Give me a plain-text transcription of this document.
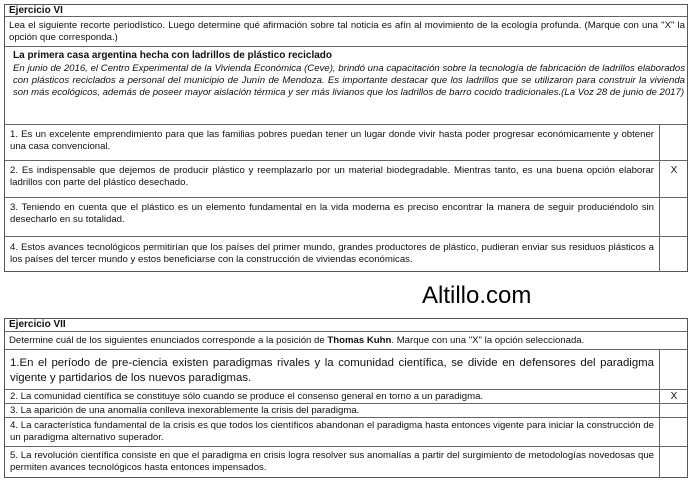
Ejercicio VI
Lea el siguiente recorte periodístico. Luego determine qué afirmación sobre tal noticia es afín al movimiento de la ecología profunda. (Marque con una "X" la opción que corresponda.)
La primera casa argentina hecha con ladrillos de plástico reciclado
En junio de 2016, el Centro Experimental de la Vivienda Económica (Ceve), brindó una capacitación sobre la tecnología de fabricación de ladrillos elaborados con plásticos reciclados a personal del municipio de Junín de Mendoza. Es importante destacar que los ladrillos que se utilizaron para construir la vivienda son más ecológicos, además de poseer mayor aislación térmica y ser más livianos que los ladrillos de barro cocido tradicionales.(La Voz 28 de junio de 2017)
1. Es un excelente emprendimiento para que las familias pobres puedan tener un lugar donde vivir hasta poder progresar económicamente y obtener una casa convencional.
2. Es indispensable que dejemos de producir plástico y reemplazarlo por un material biodegradable. Mientras tanto, es una buena opción elaborar ladrillos con parte del plástico desechado.
X
3. Teniendo en cuenta que el plástico es un elemento fundamental en la vida moderna es preciso encontrar la manera de seguir produciéndolo sin desecharlo en su totalidad.
4. Estos avances tecnológicos permitirían que los países del primer mundo, grandes productores de plástico, pudieran enviar sus residuos plásticos a los países del tercer mundo y estos beneficiarse con la construcción de viviendas económicas.
Altillo.com
Ejercicio VII
Determine cuál de los siguientes enunciados corresponde a la posición de Thomas Kuhn. Marque con una "X" la opción seleccionada.
1.En el período de pre-ciencia existen paradigmas rivales y la comunidad científica, se divide en defensores del paradigma vigente y partidarios de los nuevos paradigmas.
2. La comunidad científica se constituye sólo cuando se produce el consenso general en torno a un paradigma.	X
3. La aparición de una anomalía conlleva inexorablemente la crisis del paradigma.
4. La característica fundamental de la crisis es que todos los científicos abandonan el paradigma hasta entonces vigente para iniciar la construcción de un paradigma alternativo superador.
5. La revolución científica consiste en que el paradigma en crisis logra resolver sus anomalías a partir del surgimiento de metodologías novedosas que permiten avances tecnológicos hasta entonces impensados.
